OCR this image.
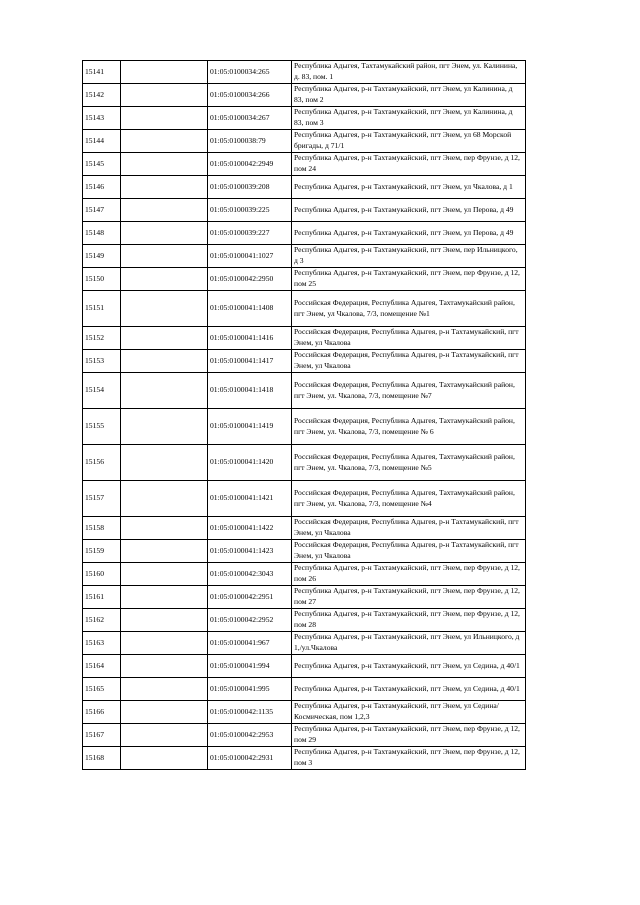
15141		01:05:0100034:265	Республика Адыгея, Тахтамукайский район, пгт Энем, ул. Калинина, д. 83, пом. 1
15142		01:05:0100034:266	Республика Адыгея, р-н Тахтамукайский, пгт Энем, ул Калинина, д 83, пом 2
15143		01:05:0100034:267	Республика Адыгея, р-н Тахтамукайский, пгт Энем, ул Калинина, д 83, пом 3
15144		01:05:0100038:79	Республика Адыгея, р-н Тахтамукайский, пгт Энем, ул 68 Морской бригады, д 71/1
15145		01:05:0100042:2949	Республика Адыгея, р-н Тахтамукайский, пгт Энем, пер Фрунзе, д 12, пом 24
15146		01:05:0100039:208	Республика Адыгея, р-н Тахтамукайский, пгт Энем, ул Чкалова, д 1
15147		01:05:0100039:225	Республика Адыгея, р-н Тахтамукайский, пгт Энем, ул Перова, д 49
15148		01:05:0100039:227	Республика Адыгея, р-н Тахтамукайский, пгт Энем, ул Перова, д 49
15149		01:05:0100041:1027	Республика Адыгея, р-н Тахтамукайский, пгт Энем, пер Ильницкого, д 3
15150		01:05:0100042:2950	Республика Адыгея, р-н Тахтамукайский, пгт Энем, пер Фрунзе, д 12, пом 25
15151		01:05:0100041:1408	Российская Федерация, Республика Адыгея, Тахтамукайский район, пгт Энем, ул Чкалова, 7/3, помещение №1
15152		01:05:0100041:1416	Российская Федерация, Республика Адыгея, р-н Тахтамукайский, пгт Энем, ул Чкалова
15153		01:05:0100041:1417	Российская Федерация, Республика Адыгея, р-н Тахтамукайский, пгт Энем, ул Чкалова
15154		01:05:0100041:1418	Российская Федерация, Республика Адыгея, Тахтамукайский район, пгт Энем, ул. Чкалова, 7/3, помещение №7
15155		01:05:0100041:1419	Российская Федерация, Республика Адыгея, Тахтамукайский район, пгт Энем, ул. Чкалова, 7/3, помещение № 6
15156		01:05:0100041:1420	Российская Федерация, Республика Адыгея, Тахтамукайский район, пгт Энем, ул. Чкалова, 7/3, помещение №5
15157		01:05:0100041:1421	Российская Федерация, Республика Адыгея, Тахтамукайский район, пгт Энем, ул. Чкалова, 7/3, помещение №4
15158		01:05:0100041:1422	Российская Федерация, Республика Адыгея, р-н Тахтамукайский, пгт Энем, ул Чкалова
15159		01:05:0100041:1423	Российская Федерация, Республика Адыгея, р-н Тахтамукайский, пгт Энем, ул Чкалова
15160		01:05:0100042:3043	Республика Адыгея, р-н Тахтамукайский, пгт Энем, пер Фрунзе, д 12, пом 26
15161		01:05:0100042:2951	Республика Адыгея, р-н Тахтамукайский, пгт Энем, пер Фрунзе, д 12, пом 27
15162		01:05:0100042:2952	Республика Адыгея, р-н Тахтамукайский, пгт Энем, пер Фрунзе, д 12, пом 28
15163		01:05:0100041:967	Республика Адыгея, р-н Тахтамукайский, пгт Энем, ул Ильницкого, д 1,/ул.Чкалова
15164		01:05:0100041:994	Республика Адыгея, р-н Тахтамукайский, пгт Энем, ул Седина, д 40/1
15165		01:05:0100041:995	Республика Адыгея, р-н Тахтамукайский, пгт Энем, ул Седина, д 40/1
15166		01:05:0100042:1135	Республика Адыгея, р-н Тахтамукайский, пгт Энем, ул Седина/Космическая, пом 1,2,3
15167		01:05:0100042:2953	Республика Адыгея, р-н Тахтамукайский, пгт Энем, пер Фрунзе, д 12, пом 29
15168		01:05:0100042:2931	Республика Адыгея, р-н Тахтамукайский, пгт Энем, пер Фрунзе, д 12, пом 3
